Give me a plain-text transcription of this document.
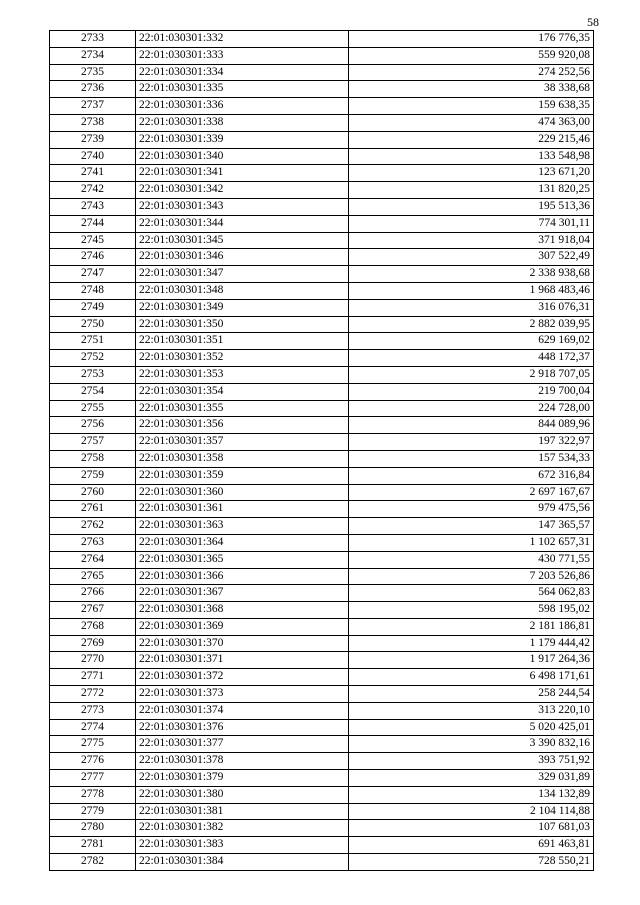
58
2733	22:01:030301:332	176 776,35
2734	22:01:030301:333	559 920,08
2735	22:01:030301:334	274 252,56
2736	22:01:030301:335	38 338,68
2737	22:01:030301:336	159 638,35
2738	22:01:030301:338	474 363,00
2739	22:01:030301:339	229 215,46
2740	22:01:030301:340	133 548,98
2741	22:01:030301:341	123 671,20
2742	22:01:030301:342	131 820,25
2743	22:01:030301:343	195 513,36
2744	22:01:030301:344	774 301,11
2745	22:01:030301:345	371 918,04
2746	22:01:030301:346	307 522,49
2747	22:01:030301:347	2 338 938,68
2748	22:01:030301:348	1 968 483,46
2749	22:01:030301:349	316 076,31
2750	22:01:030301:350	2 882 039,95
2751	22:01:030301:351	629 169,02
2752	22:01:030301:352	448 172,37
2753	22:01:030301:353	2 918 707,05
2754	22:01:030301:354	219 700,04
2755	22:01:030301:355	224 728,00
2756	22:01:030301:356	844 089,96
2757	22:01:030301:357	197 322,97
2758	22:01:030301:358	157 534,33
2759	22:01:030301:359	672 316,84
2760	22:01:030301:360	2 697 167,67
2761	22:01:030301:361	979 475,56
2762	22:01:030301:363	147 365,57
2763	22:01:030301:364	1 102 657,31
2764	22:01:030301:365	430 771,55
2765	22:01:030301:366	7 203 526,86
2766	22:01:030301:367	564 062,83
2767	22:01:030301:368	598 195,02
2768	22:01:030301:369	2 181 186,81
2769	22:01:030301:370	1 179 444,42
2770	22:01:030301:371	1 917 264,36
2771	22:01:030301:372	6 498 171,61
2772	22:01:030301:373	258 244,54
2773	22:01:030301:374	313 220,10
2774	22:01:030301:376	5 020 425,01
2775	22:01:030301:377	3 390 832,16
2776	22:01:030301:378	393 751,92
2777	22:01:030301:379	329 031,89
2778	22:01:030301:380	134 132,89
2779	22:01:030301:381	2 104 114,88
2780	22:01:030301:382	107 681,03
2781	22:01:030301:383	691 463,81
2782	22:01:030301:384	728 550,21
